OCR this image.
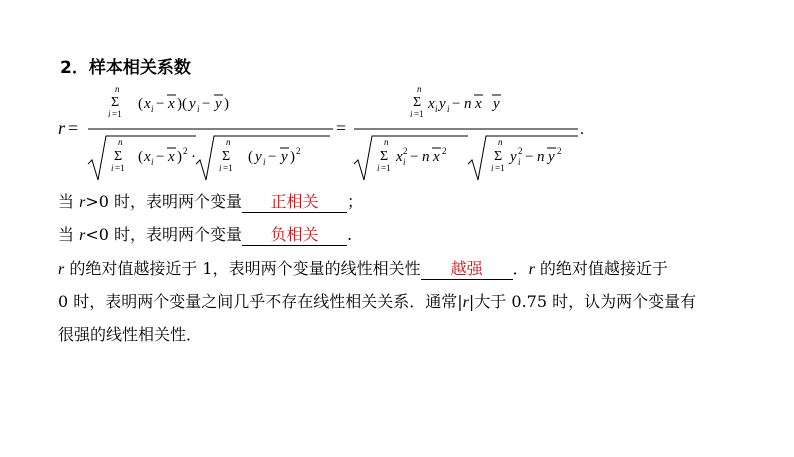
2．样本相关系数
r =
n
Σ
i =1
( x i − x )( y i − y )
n
Σ
i =1
( x i − x ) 2 ·
n
Σ
i =1
( y i − y ) 2
=
n
Σ
i =1
x i y i − n x y
n
Σ
i =1
x i
2 − n x 2
n
Σ
i =1
y i
2 − n y 2
.
当 r>0 时，表明两个变量 正相关 ；
当 r<0 时，表明两个变量 负相关 .
r 的绝对值越接近于 1，表明两个变量的线性相关性 越强 ．r 的绝对值越接近于
0 时，表明两个变量之间几乎不存在线性相关关系．通常|r|大于 0.75 时，认为两个变量有
很强的线性相关性．
